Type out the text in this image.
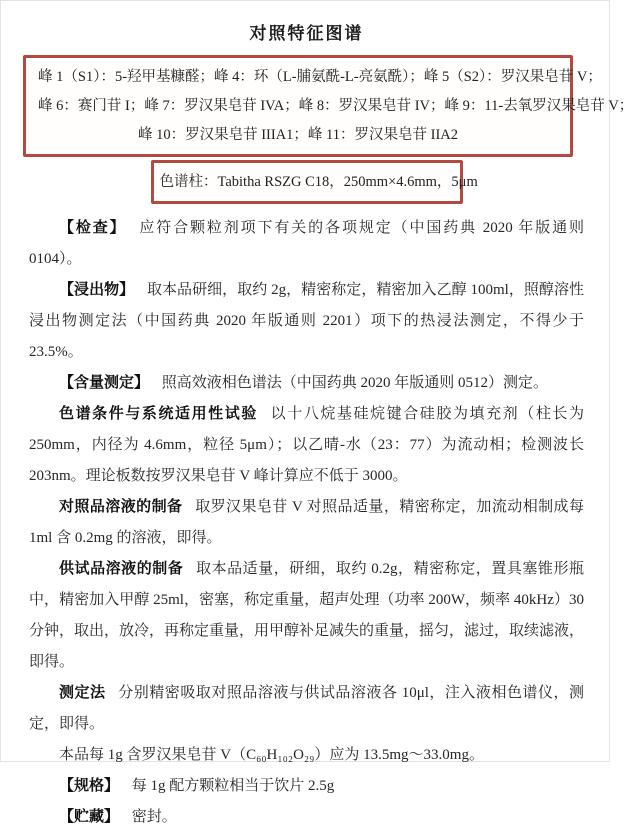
对照特征图谱
峰 1（S1）：5-羟甲基糠醛；峰 4：环（L-脯氨酰-L-亮氨酰）；峰 5（S2）：罗汉果皂苷 V；
峰 6：赛门苷 I；峰 7：罗汉果皂苷 IVA；峰 8：罗汉果皂苷 IV；峰 9：11-去氧罗汉果皂苷 V；
峰 10：罗汉果皂苷 IIIA1；峰 11：罗汉果皂苷 IIA2
色谱柱：Tabitha RSZG C18，250mm×4.6mm，5μm

【检查】 应符合颗粒剂项下有关的各项规定（中国药典 2020 年版通则 0104）。

【浸出物】 取本品研细，取约 2g，精密称定，精密加入乙醇 100ml，照醇溶性浸出物测定法（中国药典 2020 年版通则 2201）项下的热浸法测定，不得少于 23.5%。

【含量测定】 照高效液相色谱法（中国药典 2020 年版通则 0512）测定。

色谱条件与系统适用性试验 以十八烷基硅烷键合硅胶为填充剂（柱长为 250mm，内径为 4.6mm，粒径 5μm）；以乙晴-水（23：77）为流动相；检测波长 203nm。理论板数按罗汉果皂苷 V 峰计算应不低于 3000。

对照品溶液的制备 取罗汉果皂苷 V 对照品适量，精密称定，加流动相制成每 1ml 含 0.2mg 的溶液，即得。

供试品溶液的制备 取本品适量，研细，取约 0.2g，精密称定，置具塞锥形瓶中，精密加入甲醇 25ml，密塞，称定重量，超声处理（功率 200W，频率 40kHz）30 分钟，取出，放冷，再称定重量，用甲醇补足减失的重量，摇匀，滤过，取续滤液，即得。

测定法 分别精密吸取对照品溶液与供试品溶液各 10μl，注入液相色谱仪，测定，即得。

本品每 1g 含罗汉果皂苷 V（C₆₀H₁₀₂O₂₉）应为 13.5mg～33.0mg。

【规格】 每 1g 配方颗粒相当于饮片 2.5g

【贮藏】 密封。
